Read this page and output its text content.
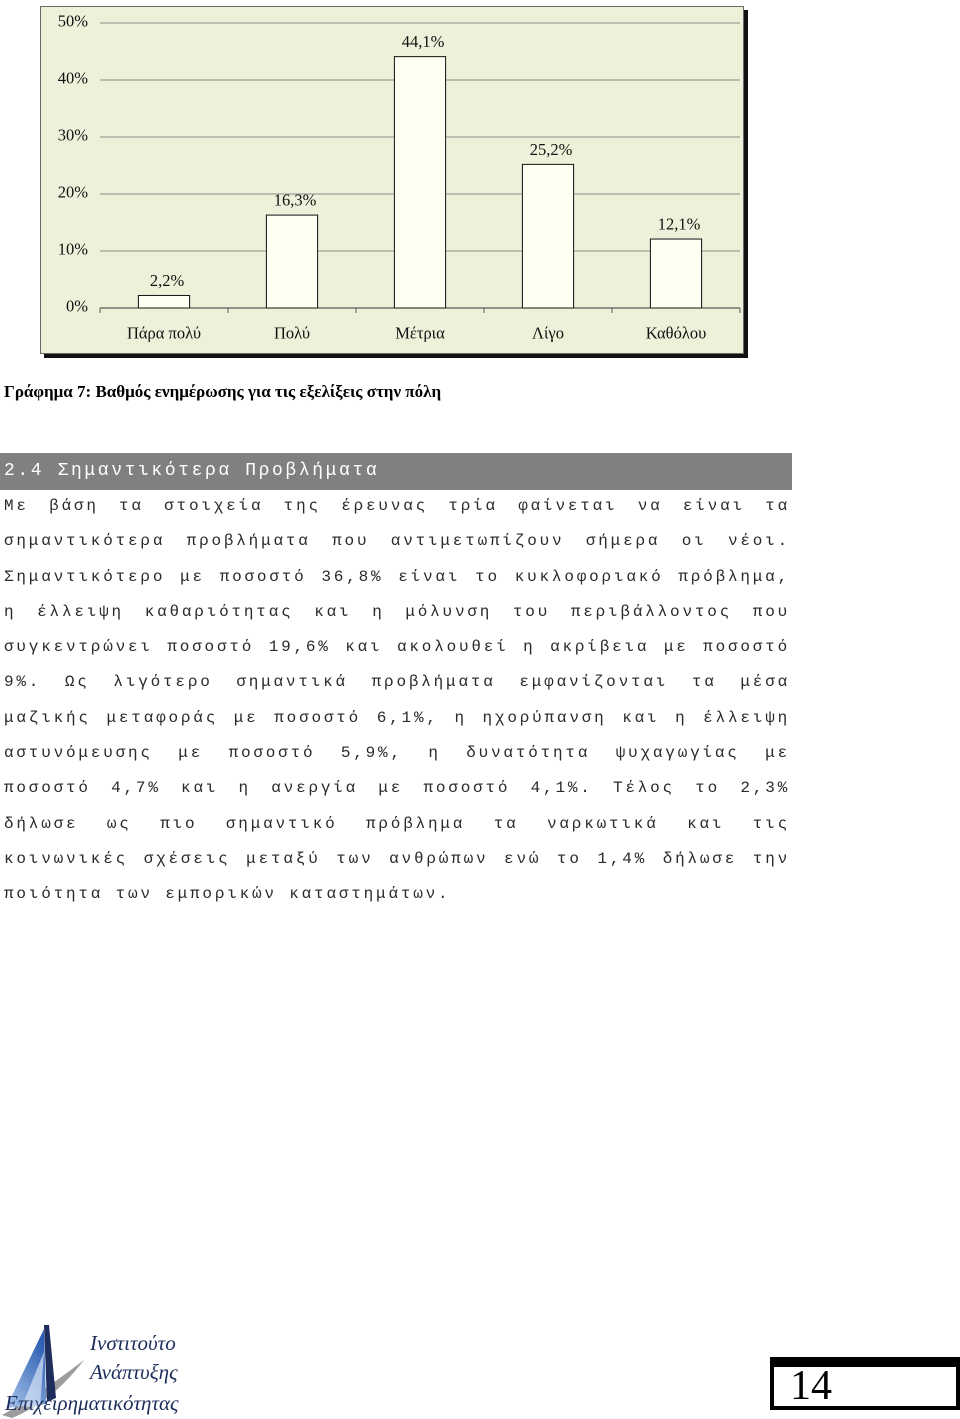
0%
10%
20%
30%
40%
50%
2,2%
Πάρα πολύ
16,3%
Πολύ
44,1%
Μέτρια
25,2%
Λίγο
12,1%
Καθόλου
Γράφημα 7: Βαθμός ενημέρωσης για τις εξελίξεις στην πόλη
2.4 Σημαντικότερα Προβλήματα
Με βάση τα στοιχεία της έρευνας τρία φαίνεται να είναι τα
σημαντικότερα προβλήματα που αντιμετωπίζουν σήμερα οι νέοι.
Σημαντικότερο με ποσοστό 36,8% είναι το κυκλοφοριακό πρόβλημα,
η έλλειψη καθαριότητας και η μόλυνση του περιβάλλοντος που
συγκεντρώνει ποσοστό 19,6% και ακολουθεί η ακρίβεια με ποσοστό
9%. Ως λιγότερο σημαντικά προβλήματα εμφανίζονται τα μέσα
μαζικής μεταφοράς με ποσοστό 6,1%, η ηχορύπανση και η έλλειψη
αστυνόμευσης με ποσοστό 5,9%, η δυνατότητα ψυχαγωγίας με
ποσοστό 4,7% και η ανεργία με ποσοστό 4,1%. Τέλος το 2,3%
δήλωσε ως πιο σημαντικό πρόβλημα τα ναρκωτικά και τις
κοινωνικές σχέσεις μεταξύ των ανθρώπων ενώ το 1,4% δήλωσε την
ποιότητα των εμπορικών καταστημάτων.
Ινστιτούτο
Ανάπτυξης
Επιχειρηματικότητας	14
